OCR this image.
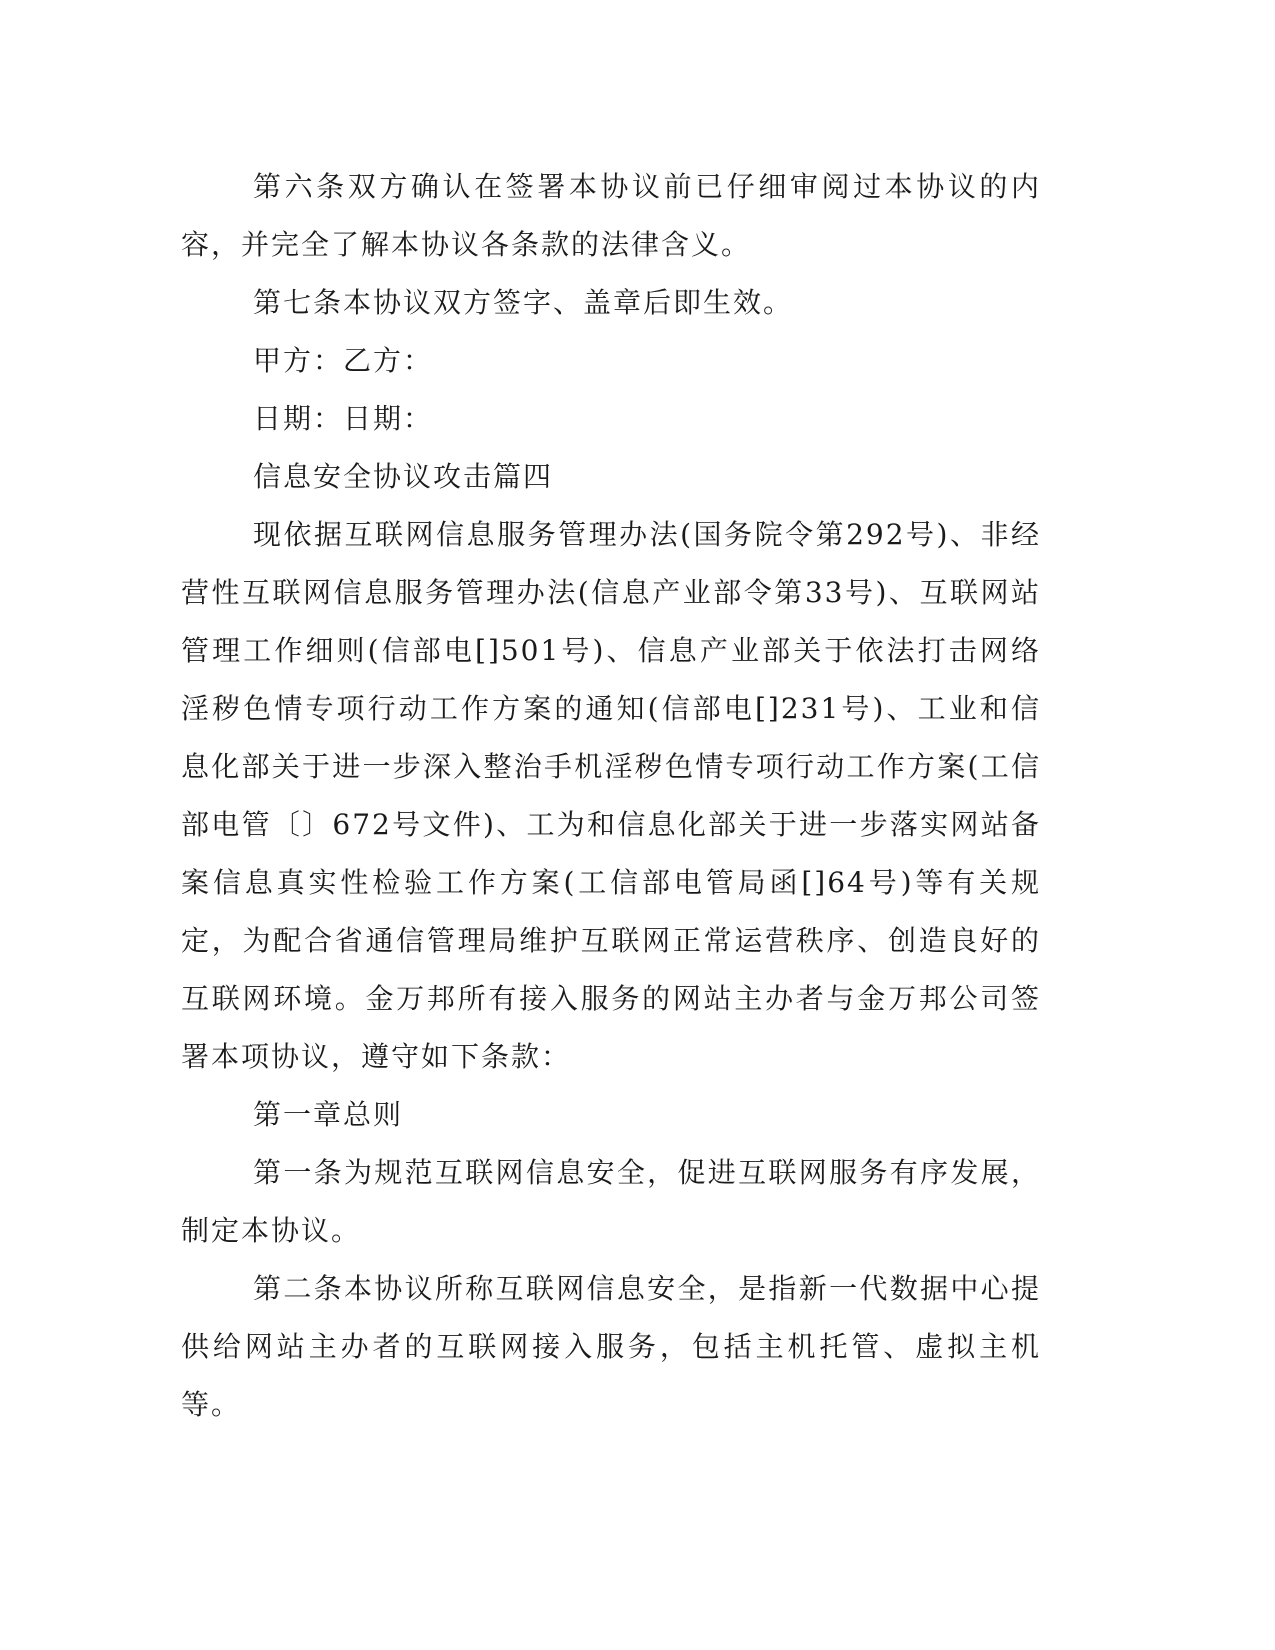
第六条双方确认在签署本协议前已仔细审阅过本协议的内容，并完全了解本协议各条款的法律含义。

第七条本协议双方签字、盖章后即生效。

甲方：乙方：

日期：日期：

信息安全协议攻击篇四

现依据互联网信息服务管理办法(国务院令第292号)、非经营性互联网信息服务管理办法(信息产业部令第33号)、互联网站管理工作细则(信部电[]501号)、信息产业部关于依法打击网络淫秽色情专项行动工作方案的通知(信部电[]231号)、工业和信息化部关于进一步深入整治手机淫秽色情专项行动工作方案(工信部电管〔〕672号文件)、工为和信息化部关于进一步落实网站备案信息真实性检验工作方案(工信部电管局函[]64号)等有关规定，为配合省通信管理局维护互联网正常运营秩序、创造良好的互联网环境。金万邦所有接入服务的网站主办者与金万邦公司签署本项协议，遵守如下条款：

第一章总则

第一条为规范互联网信息安全，促进互联网服务有序发展，制定本协议。

第二条本协议所称互联网信息安全，是指新一代数据中心提供给网站主办者的互联网接入服务，包括主机托管、虚拟主机等。
